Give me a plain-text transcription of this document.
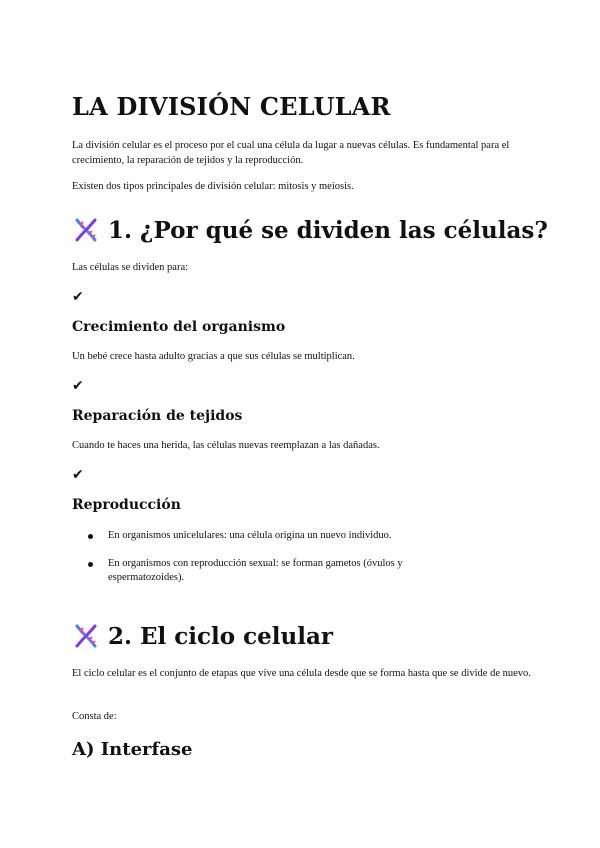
LA DIVISIÓN CELULAR

La división celular es el proceso por el cual una célula da lugar a nuevas células. Es fundamental para el crecimiento, la reparación de tejidos y la reproducción.

Existen dos tipos principales de división celular: mitosis y meiosis.

1. ¿Por qué se dividen las células?

Las células se dividen para:

✔
Crecimiento del organismo

Un bebé crece hasta adulto gracias a que sus células se multiplican.

✔
Reparación de tejidos

Cuando te haces una herida, las células nuevas reemplazan a las dañadas.

✔
Reproducción
En organismos unicelulares: una célula origina un nuevo individuo.
En organismos con reproducción sexual: se forman gametos (óvulos y espermatozoides).
2. El ciclo celular

El ciclo celular es el conjunto de etapas que vive una célula desde que se forma hasta que se divide de nuevo.

Consta de:

A) Interfase
